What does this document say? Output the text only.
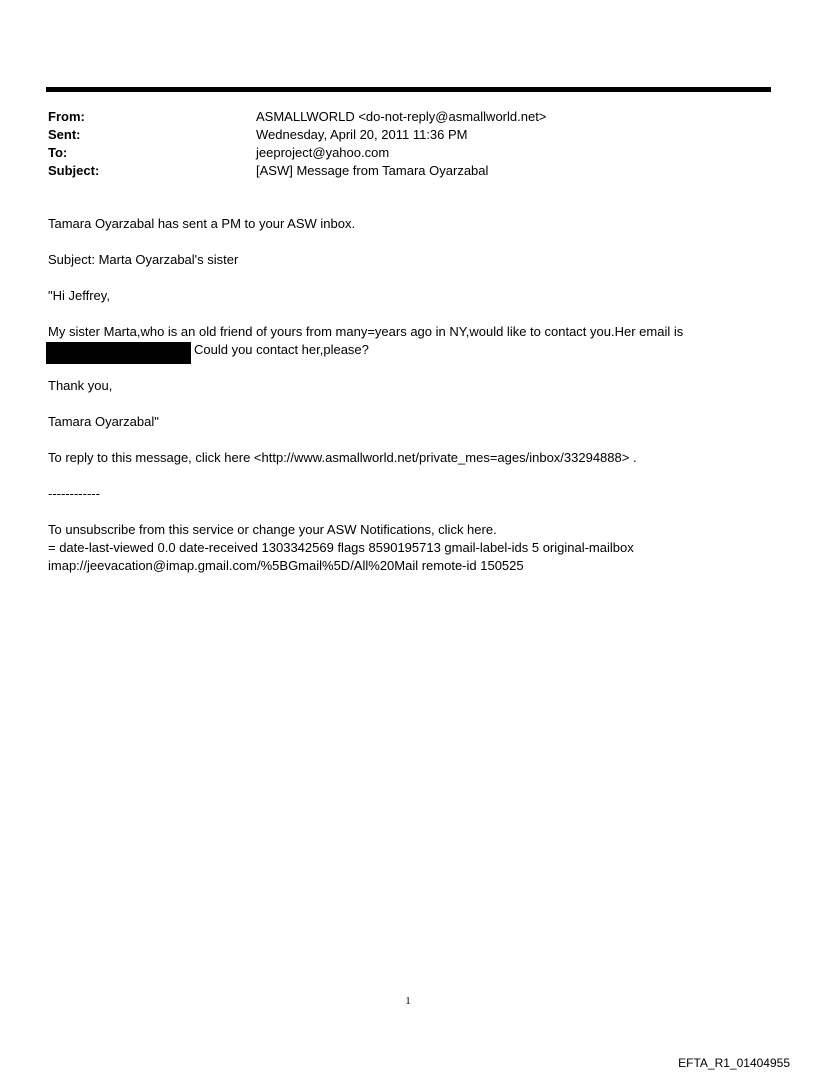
From:	ASMALLWORLD <do-not-reply@asmallworld.net>
Sent:	Wednesday, April 20, 2011 11:36 PM
To:	jeeproject@yahoo.com
Subject:	[ASW] Message from Tamara Oyarzabal
Tamara Oyarzabal has sent a PM to your ASW inbox.
Subject: Marta Oyarzabal's sister
"Hi Jeffrey,
My sister Marta,who is an old friend of yours from many=years ago in NY,would like to contact you.Her email is
Could you contact her,please?
Thank you,
Tamara Oyarzabal"
To reply to this message, click here <http://www.asmallworld.net/private_mes=ages/inbox/33294888> .
------------
To unsubscribe from this service or change your ASW Notifications, click here.
= date-last-viewed 0.0 date-received 1303342569 flags 8590195713 gmail-label-ids 5 original-mailbox
imap://jeevacation@imap.gmail.com/%5BGmail%5D/All%20Mail remote-id 150525
1
EFTA_R1_01404955
